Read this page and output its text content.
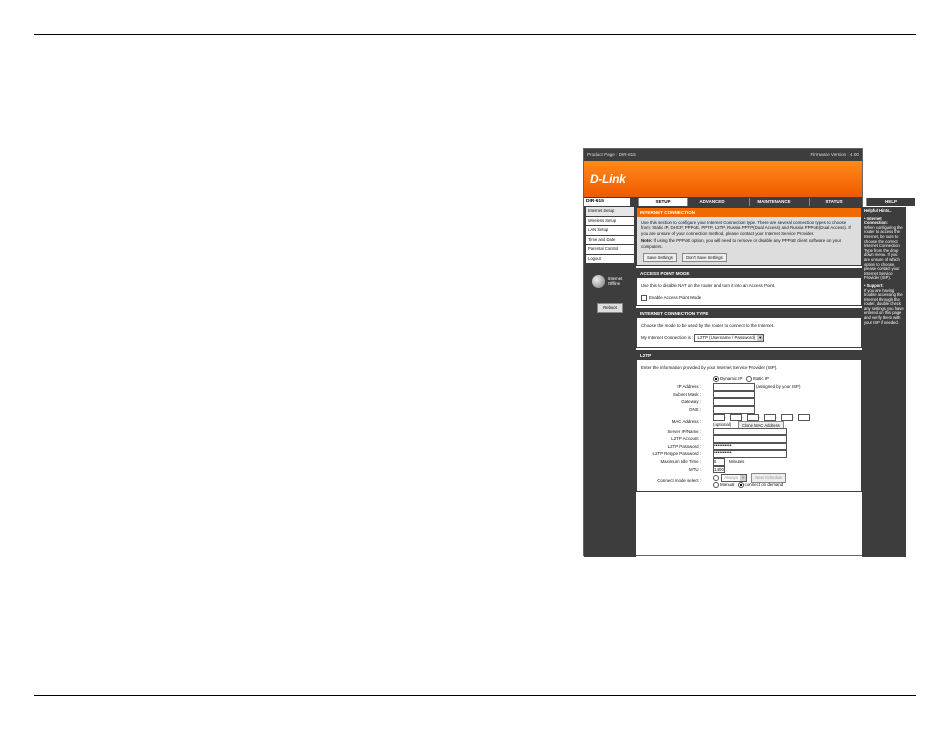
Product Page : DIR-615	Firmware Version : 4.00
D-Link
DIR-615	SETUP	ADVANCED	MAINTENANCE	STATUS	HELP
Internet Setup
Wireless Setup
LAN Setup
Time and Date
Parental Control
Logout
Internet
Offline
Reboot
INTERNET CONNECTION
Use this section to configure your Internet Connection type. There are several connection types to choose from: Static IP, DHCP, PPPoE, PPTP, L2TP, Russia PPTP(Dual Access) and Russia PPPoE(Dual Access). If you are unsure of your connection method, please contact your Internet Service Provider.
Note: If using the PPPoE option, you will need to remove or disable any PPPoE client software on your computers.
Save Settings	Don't Save Settings
ACCESS POINT MODE
Use this to disable NAT on the router and turn it into an Access Point.
Enable Access Point Mode
INTERNET CONNECTION TYPE
Choose the mode to be used by the router to connect to the Internet.
My Internet Connection is : L2TP (Username / Password) ▼
L2TP
Enter the information provided by your Internet Service Provider (ISP).
Dynamic IP Static IP
IP Address :	(assigned by your ISP)
Subnet Mask :
Gateway :
DNS :
MAC Address :
-	-	-	-	-
(optional)	Clone MAC Address
Server IP/Name :
L2TP Account :
L2TP Password :	••••••••••
L2TP Retype Password :	••••••••••
Maximum Idle Time :	5	Minutes
MTU :	1400
Connect mode select :
Always ▼ New Schedule
Manual connect on demand
Helpful Hints..
• Internet Connection:
When configuring the router to access the Internet, be sure to choose the correct Internet Connection Type from the drop down menu. If you are unsure of which option to choose, please contact your Internet Service Provider (ISP).
• Support:
If you are having trouble accessing the Internet through the router, double check any settings you have entered on this page and verify them with your ISP if needed.
